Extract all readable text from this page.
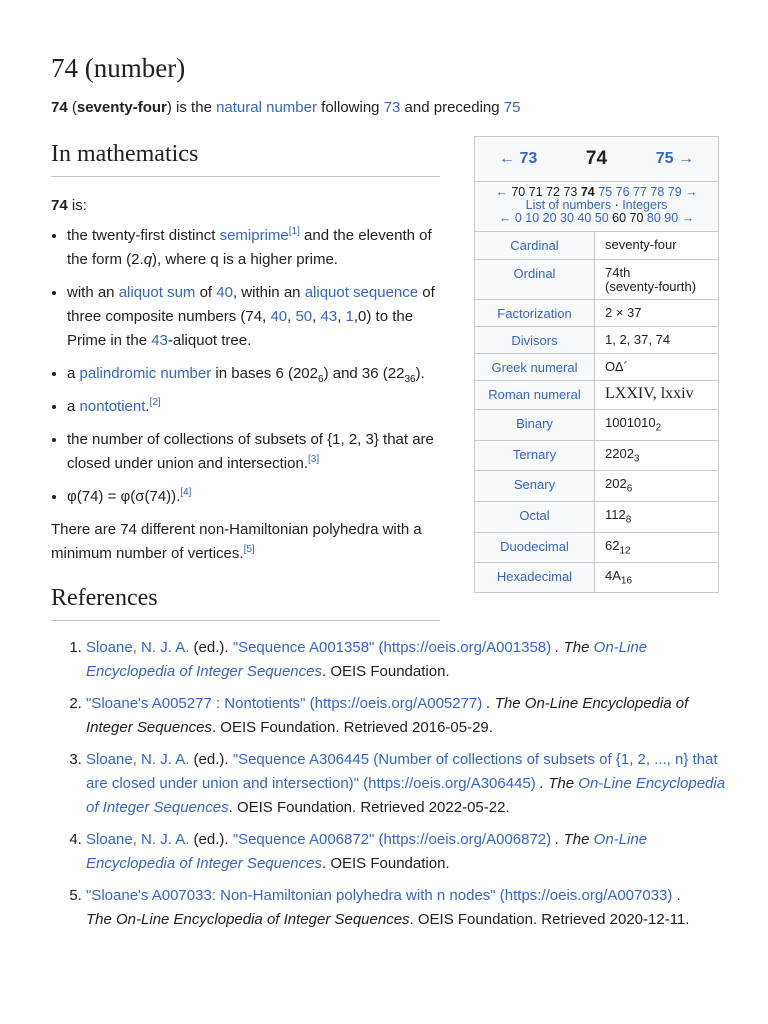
74 (number)
74 (seventy-four) is the natural number following 73 and preceding 75
In mathematics

74 is:

• the twenty-first distinct semiprime[1] and the eleventh of the form (2.q), where q is a higher prime.
• with an aliquot sum of 40, within an aliquot sequence of three composite numbers (74, 40, 50, 43, 1,0) to the Prime in the 43-aliquot tree.
• a palindromic number in bases 6 $(202_6)$ and 36 $(22_{36})$.
• a nontotient.[2]
• the number of collections of subsets of {1, 2, 3} that are closed under union and intersection.[3]
• φ(74) = φ(σ(74)).[4]

There are 74 different non-Hamiltonian polyhedra with a minimum number of vertices.[5]

← 73	74	75 →
← 70 71 72 73 74 75 76 77 78 79 →
List of numbers · Integers
← 0 10 20 30 40 50 60 70 80 90 →
Cardinal	seventy-four
Ordinal	74th
(seventy-fourth)
Factorization	2 × 37
Divisors	1, 2, 37, 74
Greek numeral	ΟΔ´
Roman numeral	LXXIV, lxxiv
Binary	$1001010_2$
Ternary	$2202_3$
Senary	$202_6$
Octal	$112_8$
Duodecimal	$62_{12}$
Hexadecimal	$4A_{16}$
References
1. Sloane, N. J. A. (ed.). "Sequence A001358" (https://oeis.org/A001358) . The On-Line Encyclopedia of Integer Sequences. OEIS Foundation.
2. "Sloane's A005277 : Nontotients" (https://oeis.org/A005277) . The On-Line Encyclopedia of Integer Sequences. OEIS Foundation. Retrieved 2016-05-29.
3. Sloane, N. J. A. (ed.). "Sequence A306445 (Number of collections of subsets of {1, 2, ..., n} that are closed under union and intersection)" (https://oeis.org/A306445) . The On-Line Encyclopedia of Integer Sequences. OEIS Foundation. Retrieved 2022-05-22.
4. Sloane, N. J. A. (ed.). "Sequence A006872" (https://oeis.org/A006872) . The On-Line Encyclopedia of Integer Sequences. OEIS Foundation.
5. "Sloane's A007033: Non-Hamiltonian polyhedra with n nodes" (https://oeis.org/A007033) .
The On-Line Encyclopedia of Integer Sequences. OEIS Foundation. Retrieved 2020-12-11.
